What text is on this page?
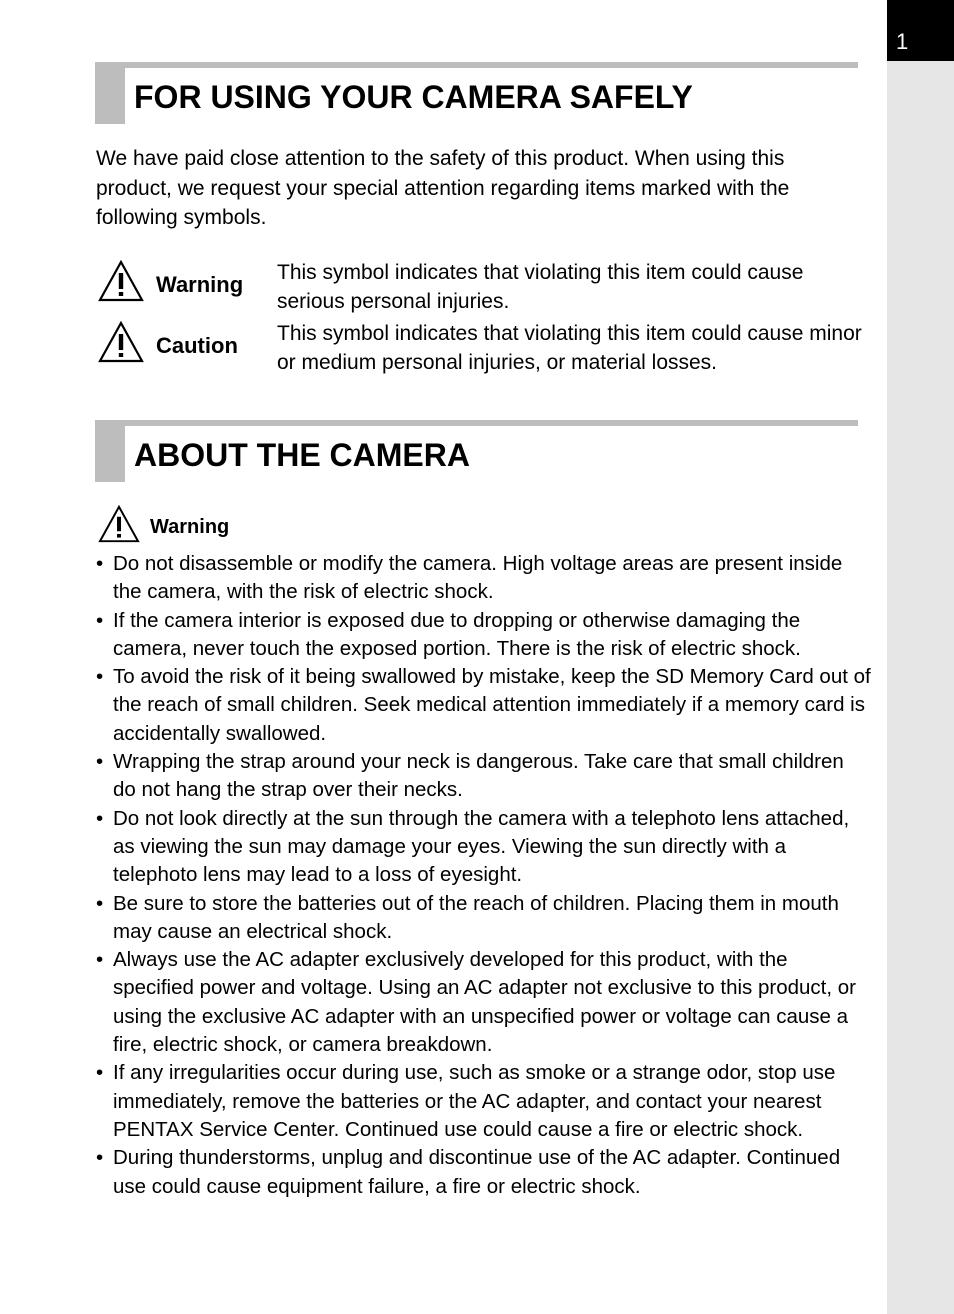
1
FOR USING YOUR CAMERA SAFELY

We have paid close attention to the safety of this product. When using this product, we request your special attention regarding items marked with the following symbols.

Warning This symbol indicates that violating this item could cause serious personal injuries.

Caution This symbol indicates that violating this item could cause minor or medium personal injuries, or material losses.

ABOUT THE CAMERA
Warning
• Do not disassemble or modify the camera. High voltage areas are present inside the camera, with the risk of electric shock.
• If the camera interior is exposed due to dropping or otherwise damaging the camera, never touch the exposed portion. There is the risk of electric shock.
• To avoid the risk of it being swallowed by mistake, keep the SD Memory Card out of the reach of small children. Seek medical attention immediately if a memory card is accidentally swallowed.
• Wrapping the strap around your neck is dangerous. Take care that small children do not hang the strap over their necks.
• Do not look directly at the sun through the camera with a telephoto lens attached, as viewing the sun may damage your eyes. Viewing the sun directly with a telephoto lens may lead to a loss of eyesight.
• Be sure to store the batteries out of the reach of children. Placing them in mouth may cause an electrical shock.
• Always use the AC adapter exclusively developed for this product, with the specified power and voltage. Using an AC adapter not exclusive to this product, or using the exclusive AC adapter with an unspecified power or voltage can cause a fire, electric shock, or camera breakdown.
• If any irregularities occur during use, such as smoke or a strange odor, stop use immediately, remove the batteries or the AC adapter, and contact your nearest PENTAX Service Center. Continued use could cause a fire or electric shock.
• During thunderstorms, unplug and discontinue use of the AC adapter. Continued use could cause equipment failure, a fire or electric shock.
